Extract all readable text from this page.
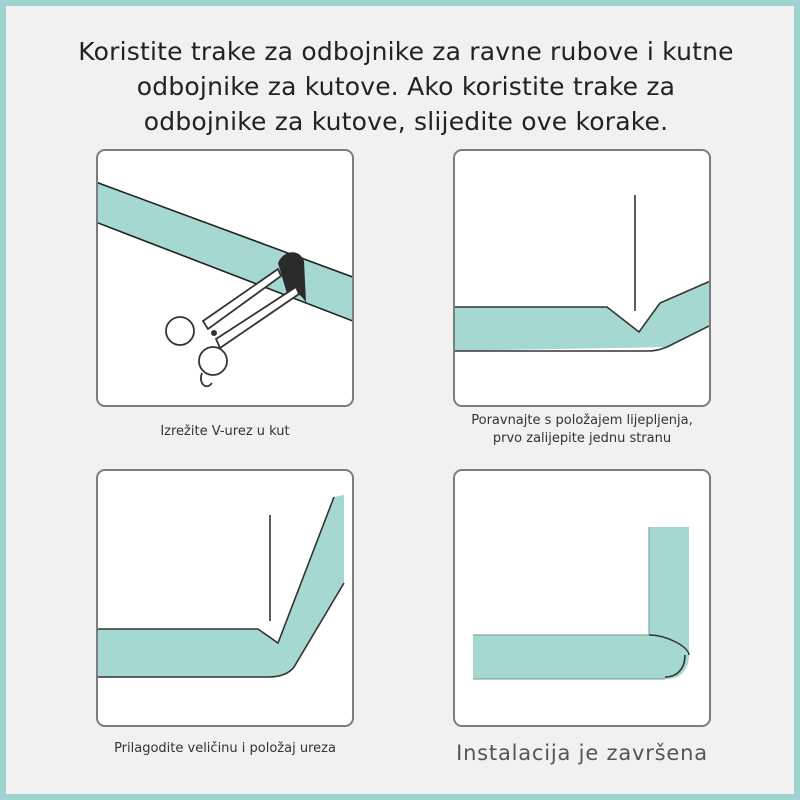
Koristite trake za odbojnike za ravne rubove i kutne
odbojnike za kutove. Ako koristite trake za
odbojnike za kutove, slijedite ove korake.
Izrežite V-urez u kut
Poravnajte s položajem lijepljenja,
prvo zalijepite jednu stranu
Prilagodite veličinu i položaj ureza	Instalacija je završena
